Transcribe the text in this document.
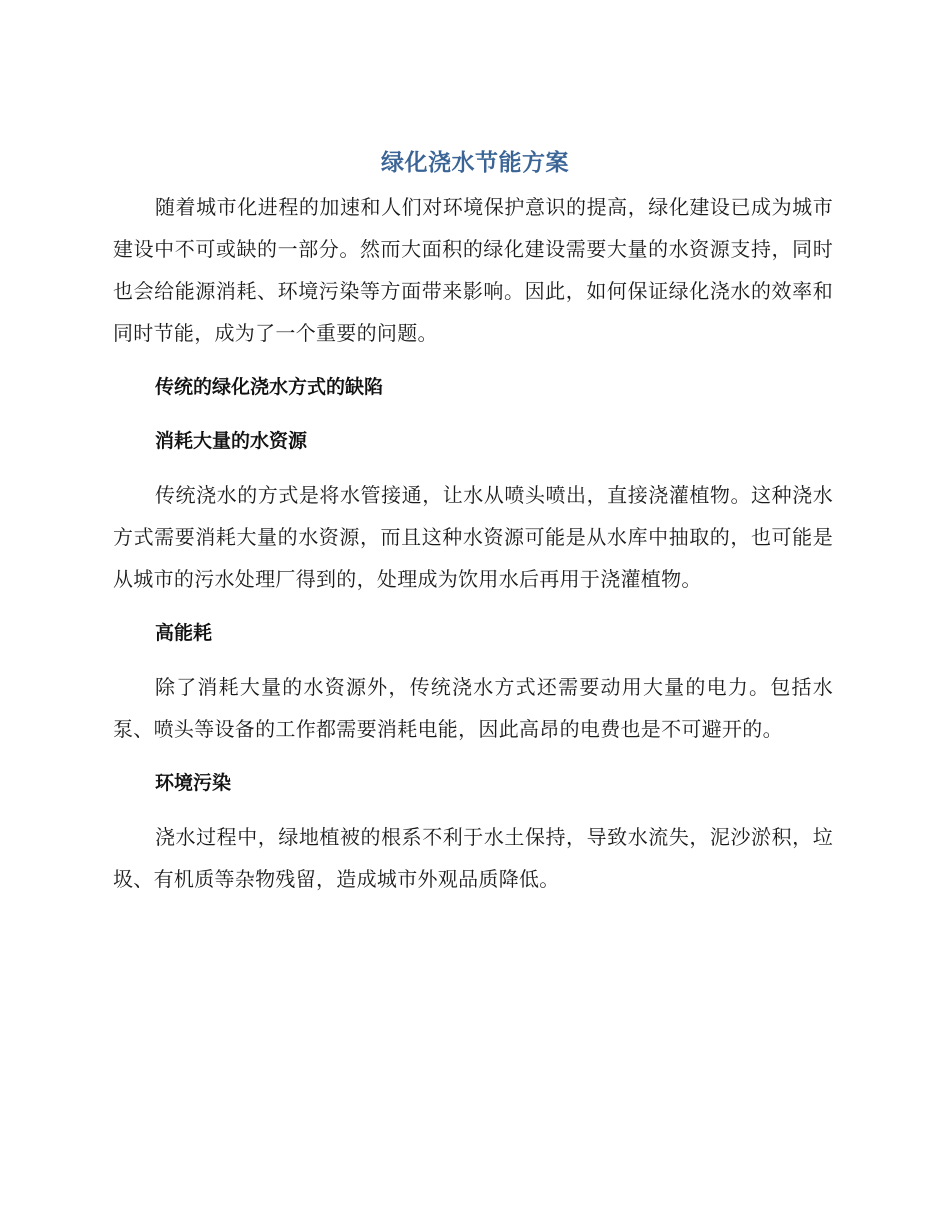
绿化浇水节能方案

随着城市化进程的加速和人们对环境保护意识的提高，绿化建设已成为城市建设中不可或缺的一部分。然而大面积的绿化建设需要大量的水资源支持，同时也会给能源消耗、环境污染等方面带来影响。因此，如何保证绿化浇水的效率和同时节能，成为了一个重要的问题。

传统的绿化浇水方式的缺陷

消耗大量的水资源

传统浇水的方式是将水管接通，让水从喷头喷出，直接浇灌植物。这种浇水方式需要消耗大量的水资源，而且这种水资源可能是从水库中抽取的，也可能是从城市的污水处理厂得到的，处理成为饮用水后再用于浇灌植物。

高能耗

除了消耗大量的水资源外，传统浇水方式还需要动用大量的电力。包括水泵、喷头等设备的工作都需要消耗电能，因此高昂的电费也是不可避开的。

环境污染

浇水过程中，绿地植被的根系不利于水土保持，导致水流失，泥沙淤积，垃圾、有机质等杂物残留，造成城市外观品质降低。
